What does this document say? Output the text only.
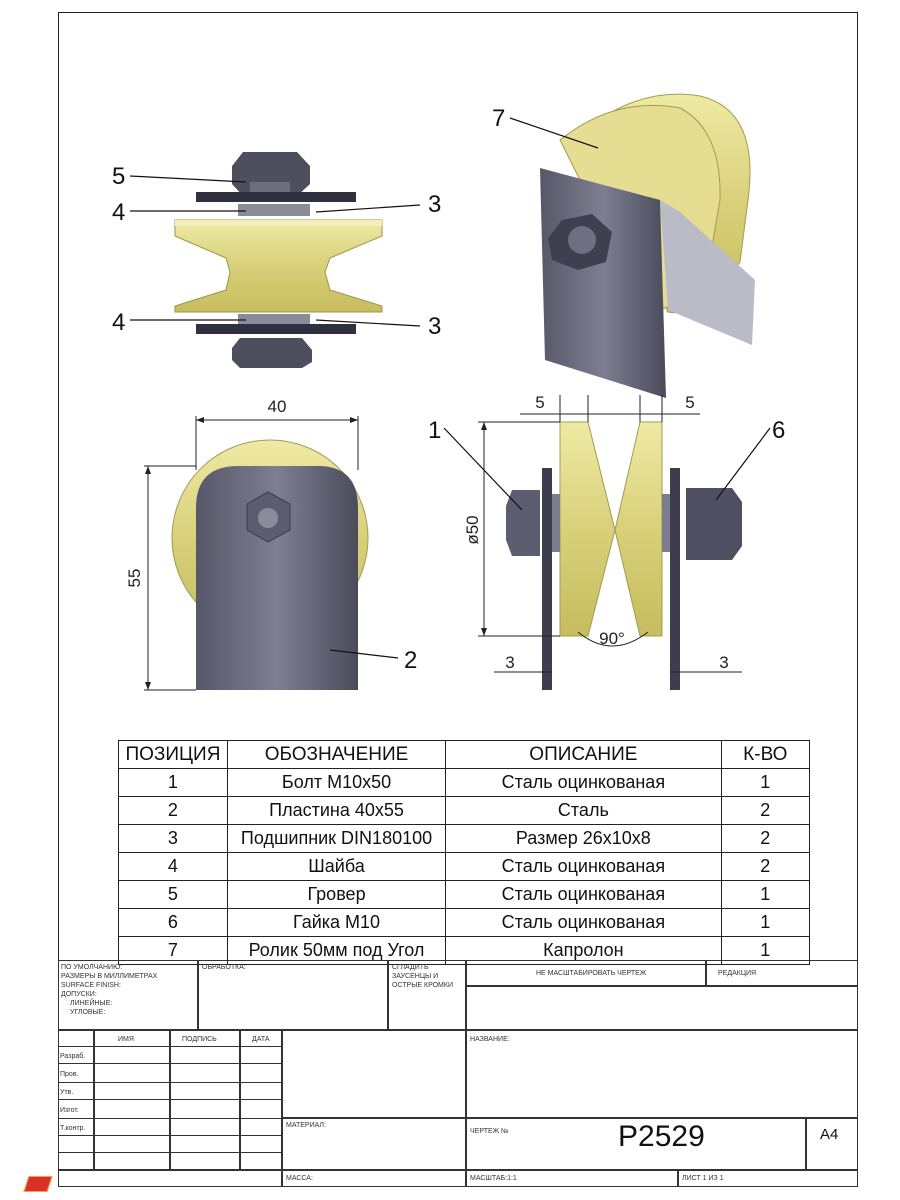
5
4	3
4	3
7
40
55
2
5	5
ø50
90°
3	3
1	6
ПОЗИЦИЯ	ОБОЗНАЧЕНИЕ	ОПИСАНИЕ	К-ВО
1	Болт М10х50	Сталь оцинкованая	1
2	Пластина 40х55	Сталь	2
3	Подшипник DIN180100	Размер 26х10х8	2
4	Шайба	Сталь оцинкованая	2
5	Гровер	Сталь оцинкованая	1
6	Гайка М10	Сталь оцинкованая	1
7	Ролик 50мм под Угол	Капролон	1
ПО УМОЛЧАНИЮ:
РАЗМЕРЫ В МИЛЛИМЕТРАХ
SURFACE FINISH:
ДОПУСКИ:
ЛИНЕЙНЫЕ:
УГЛОВЫЕ:
ОБРАБОТКА:	СГЛАДИТЬ
ЗАУСЕНЦЫ И
ОСТРЫЕ КРОМКИ
НЕ МАСШТАБИРОВАТЬ ЧЕРТЕЖ	РЕДАКЦИЯ
ИМЯ	ПОДПИСЬ	ДАТА
Разраб.
Пров.
Утв.
Изгот.
Т.контр.
НАЗВАНИЕ:
МАТЕРИАЛ:
ЧЕРТЕЖ №
МАССА:	МАСШТАБ:1:1	ЛИСТ 1 ИЗ 1
P2529	A4
